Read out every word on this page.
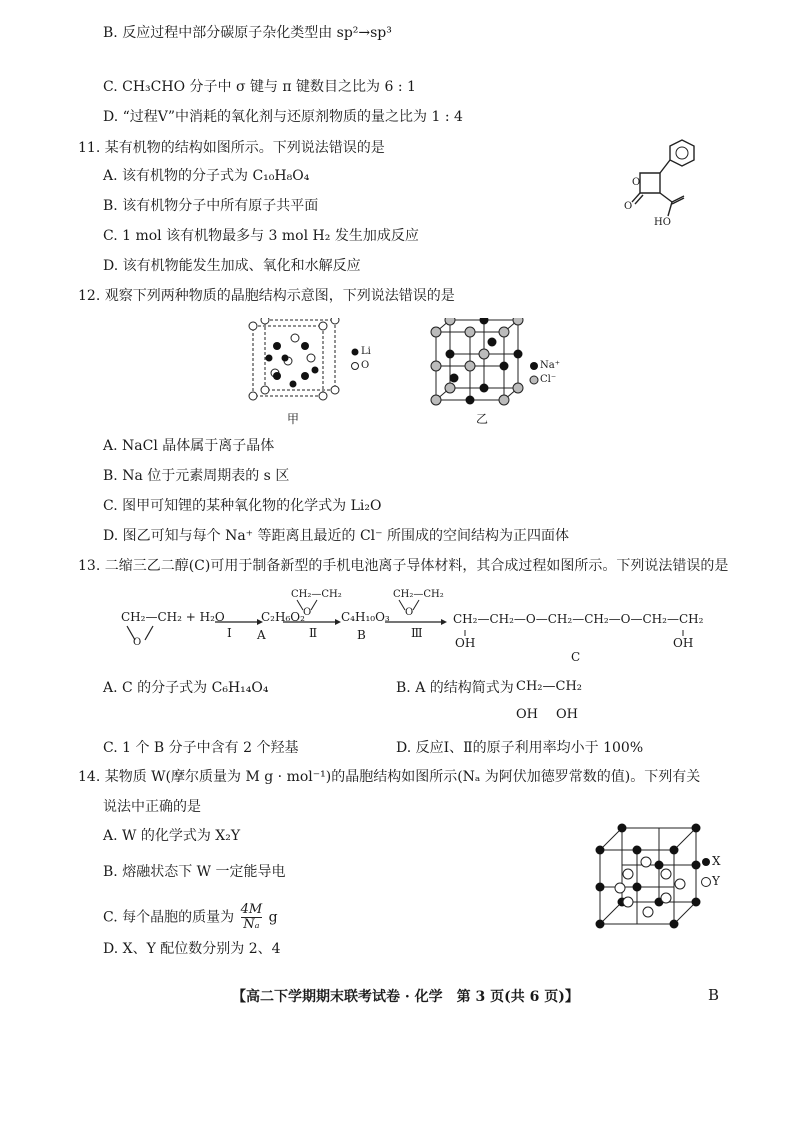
B. 反应过程中部分碳原子杂化类型由 sp²→sp³
C. CH₃CHO 分子中 σ 键与 π 键数目之比为 6 : 1
D. “过程Ⅴ”中消耗的氧化剂与还原剂物质的量之比为 1 : 4
11. 某有机物的结构如图所示。下列说法错误的是
A. 该有机物的分子式为 C₁₀H₈O₄
B. 该有机物分子中所有原子共平面
C. 1 mol 该有机物最多与 3 mol H₂ 发生加成反应
D. 该有机物能发生加成、氧化和水解反应
O
O
HO
12. 观察下列两种物质的晶胞结构示意图，下列说法错误的是
Li
O
甲
Na⁺
Cl⁻
乙
A. NaCl 晶体属于离子晶体
B. Na 位于元素周期表的 s 区
C. 图甲可知锂的某种氧化物的化学式为 Li₂O
D. 图乙可知与每个 Na⁺ 等距离且最近的 Cl⁻ 所围成的空间结构为正四面体
13. 二缩三乙二醇(C)可用于制备新型的手机电池离子导体材料，其合成过程如图所示。下列说法错误的是
CH₂—CH₂ + H₂O
O
Ⅰ
C₂H₆O₂
A
CH₂—CH₂
O
Ⅱ
C₄H₁₀O₃
B
CH₂—CH₂
O
Ⅲ
CH₂—CH₂—O—CH₂—CH₂—O—CH₂—CH₂
OH	OH
C
A. C 的分子式为 C₆H₁₄O₄	B. A 的结构简式为 CH₂—CH₂
OH OH
C. 1 个 B 分子中含有 2 个羟基	D. 反应Ⅰ、Ⅱ的原子利用率均小于 100%
14. 某物质 W(摩尔质量为 M g · mol⁻¹)的晶胞结构如图所示(Nₐ 为阿伏加德罗常数的值)。下列有关
说法中正确的是
A. W 的化学式为 X₂Y
B. 熔融状态下 W 一定能导电
C. 每个晶胞的质量为 $\frac{4M}{\text{Nₐ}}$ g
D. X、Y 配位数分别为 2、4
X
Y
【高二下学期期末联考试卷 · 化学　第 3 页(共 6 页)】	B
